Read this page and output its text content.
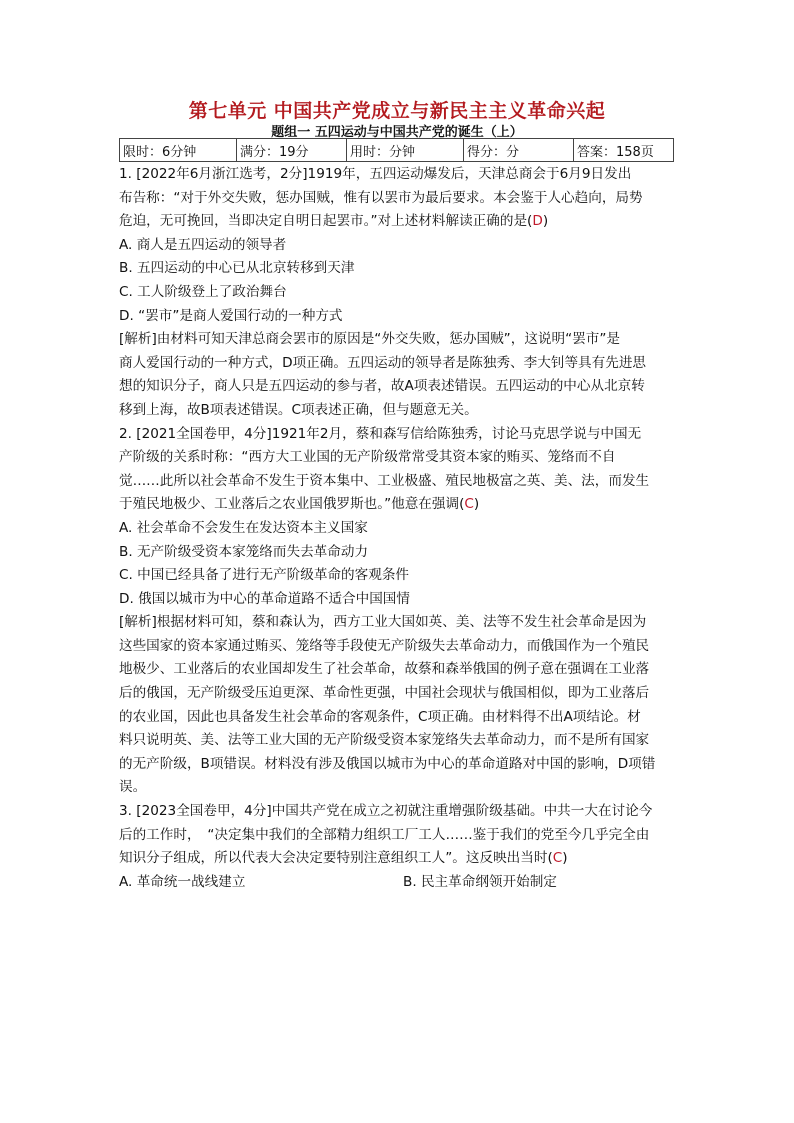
第七单元 中国共产党成立与新民主主义革命兴起
题组一 五四运动与中国共产党的诞生（上）
限时：6分钟	满分：19分	用时：分钟	得分：分	答案：158页

1. [2022年6月浙江选考，2分]1919年，五四运动爆发后，天津总商会于6月9日发出

布告称：“对于外交失败，惩办国贼，惟有以罢市为最后要求。本会鉴于人心趋向，局势

危迫，无可挽回，当即决定自明日起罢市。”对上述材料解读正确的是(D)

A. 商人是五四运动的领导者

B. 五四运动的中心已从北京转移到天津

C. 工人阶级登上了政治舞台

D. “罢市”是商人爱国行动的一种方式

[解析]由材料可知天津总商会罢市的原因是“外交失败，惩办国贼”，这说明“罢市”是

商人爱国行动的一种方式，D项正确。五四运动的领导者是陈独秀、李大钊等具有先进思

想的知识分子，商人只是五四运动的参与者，故A项表述错误。五四运动的中心从北京转

移到上海，故B项表述错误。C项表述正确，但与题意无关。

2. [2021全国卷甲，4分]1921年2月，蔡和森写信给陈独秀，讨论马克思学说与中国无

产阶级的关系时称：“西方大工业国的无产阶级常常受其资本家的贿买、笼络而不自

觉……此所以社会革命不发生于资本集中、工业极盛、殖民地极富之英、美、法，而发生

于殖民地极少、工业落后之农业国俄罗斯也。”他意在强调(C)

A. 社会革命不会发生在发达资本主义国家

B. 无产阶级受资本家笼络而失去革命动力

C. 中国已经具备了进行无产阶级革命的客观条件

D. 俄国以城市为中心的革命道路不适合中国国情

[解析]根据材料可知，蔡和森认为，西方工业大国如英、美、法等不发生社会革命是因为

这些国家的资本家通过贿买、笼络等手段使无产阶级失去革命动力，而俄国作为一个殖民

地极少、工业落后的农业国却发生了社会革命，故蔡和森举俄国的例子意在强调在工业落

后的俄国，无产阶级受压迫更深、革命性更强，中国社会现状与俄国相似，即为工业落后

的农业国，因此也具备发生社会革命的客观条件，C项正确。由材料得不出A项结论。材

料只说明英、美、法等工业大国的无产阶级受资本家笼络失去革命动力，而不是所有国家

的无产阶级，B项错误。材料没有涉及俄国以城市为中心的革命道路对中国的影响，D项错

误。

3. [2023全国卷甲，4分]中国共产党在成立之初就注重增强阶级基础。中共一大在讨论今

后的工作时，　“决定集中我们的全部精力组织工厂工人……鉴于我们的党至今几乎完全由

知识分子组成，所以代表大会决定要特别注意组织工人”。这反映出当时(C)

A. 革命统一战线建立	B. 民主革命纲领开始制定
